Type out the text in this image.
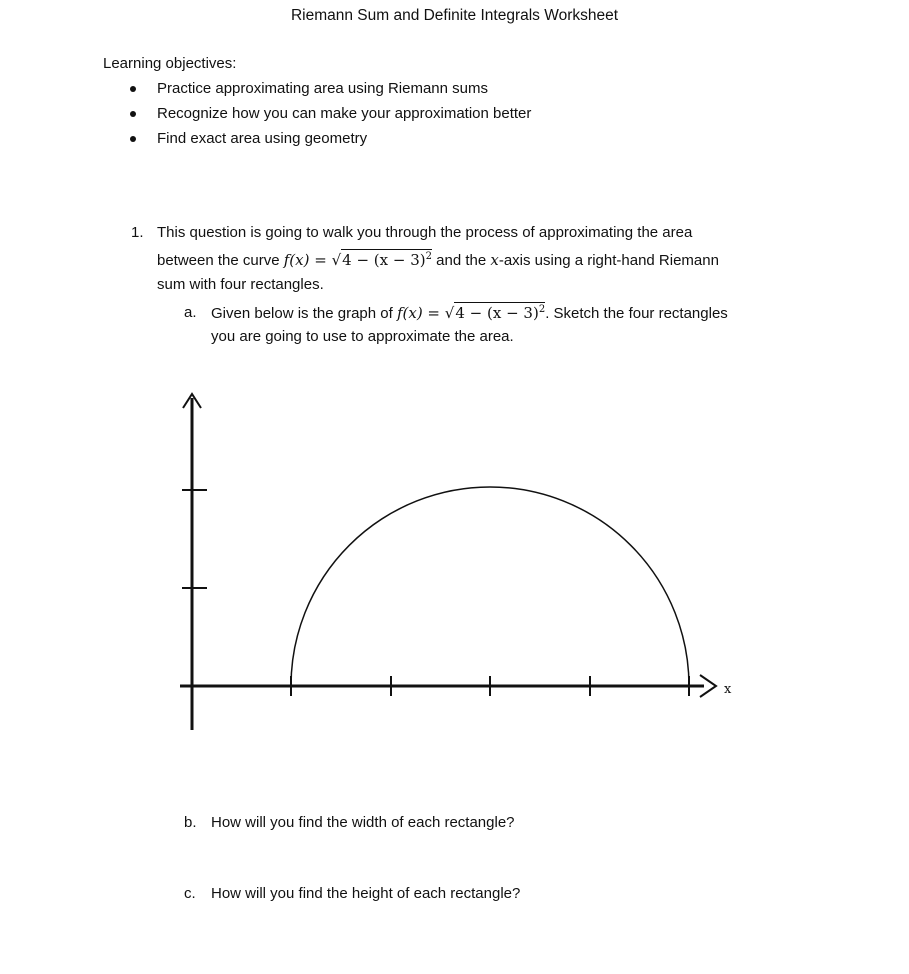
Riemann Sum and Definite Integrals Worksheet
Learning objectives:
Practice approximating area using Riemann sums
Recognize how you can make your approximation better
Find exact area using geometry
1. This question is going to walk you through the process of approximating the area
between the curve $f(x) = √4 - (x - 3)^2$ and the x-axis using a right-hand Riemann
sum with four rectangles.
a. Given below is the graph of $f(x) = √4 - (x - 3)^2$. Sketch the four rectangles
you are going to use to approximate the area.
x
b. How will you find the width of each rectangle?
c. How will you find the height of each rectangle?
